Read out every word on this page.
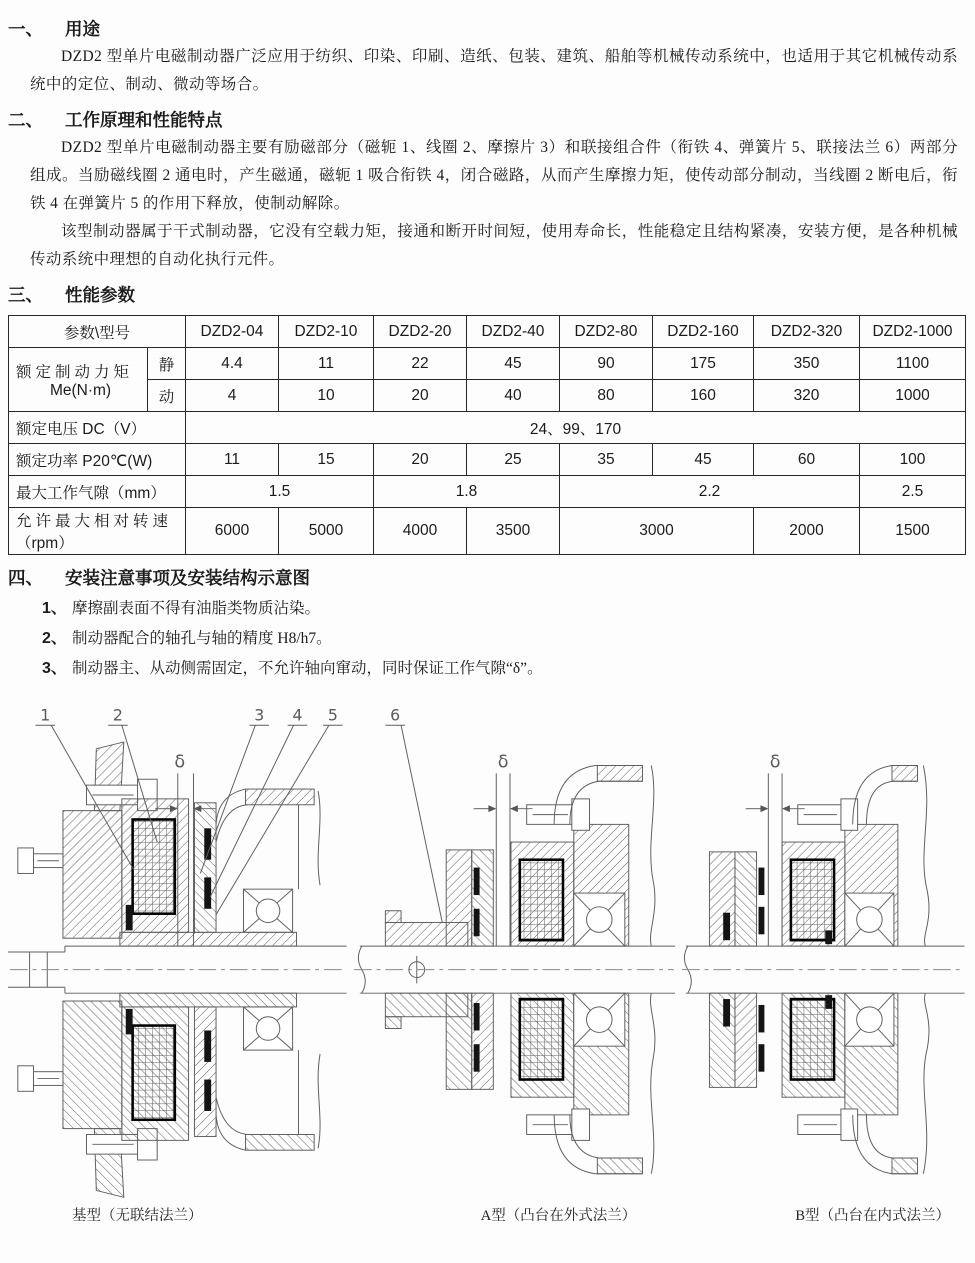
一、	用途

DZD2 型单片电磁制动器广泛应用于纺织、印染、印刷、造纸、包装、建筑、船舶等机械传动系统中，也适用于其它机械传动系统中的定位、制动、微动等场合。

二、	工作原理和性能特点

DZD2 型单片电磁制动器主要有励磁部分（磁轭 1、线圈 2、摩擦片 3）和联接组合件（衔铁 4、弹簧片 5、联接法兰 6）两部分组成。当励磁线圈 2 通电时，产生磁通，磁轭 1 吸合衔铁 4，闭合磁路，从而产生摩擦力矩，使传动部分制动，当线圈 2 断电后，衔铁 4 在弹簧片 5 的作用下释放，使制动解除。

该型制动器属于干式制动器，它没有空载力矩，接通和断开时间短，使用寿命长，性能稳定且结构紧凑，安装方便，是各种机械传动系统中理想的自动化执行元件。

三、	性能参数
参数\型号		DZD2-04	DZD2-10	DZD2-20	DZD2-40	DZD2-80	DZD2-160	DZD2-320	DZD2-1000

额定制动力矩
Me(N·m)	静	4.4	11	22	45	90	175	350	1100
	动	4	10	20	40	80	160	320	1000
额定电压 DC（V）		24、99、170							
额定功率 P20℃(W)		11	15	20	25	35	45	60	100
最大工作气隙（mm）		1.5		1.8		2.2			2.5

允许最大相对转速
（rpm）		6000	5000	4000	3500	3000		2000	1500
四、	安装注意事项及安装结构示意图
1、 摩擦副表面不得有油脂类物质沾染。
2、 制动器配合的轴孔与轴的精度 H8/h7。
3、 制动器主、从动侧需固定，不允许轴向窜动，同时保证工作气隙“δ”。
δ
1	2	3 4 5
δ
6
δ
基型（无联结法兰）	A型（凸台在外式法兰）	B型（凸台在内式法兰）
